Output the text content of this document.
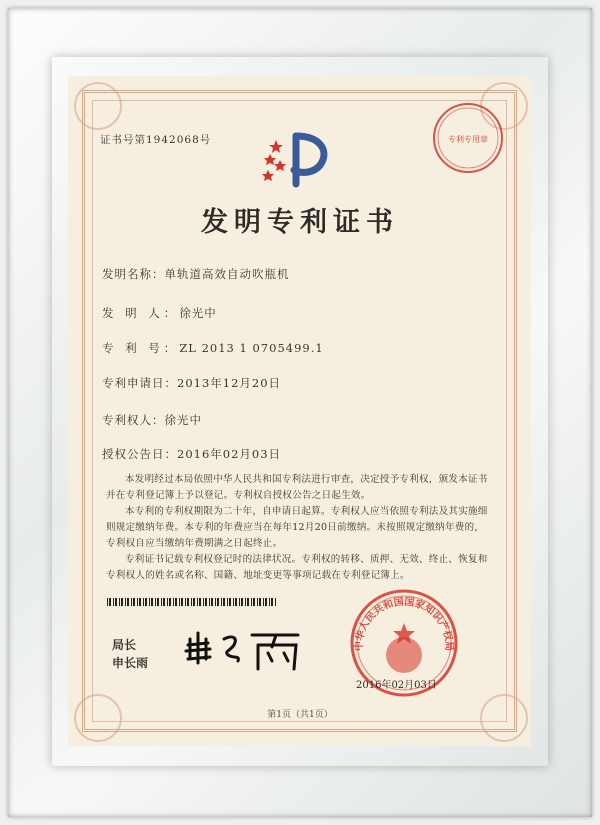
证书号第1942068号	专利专用章
发明专利证书
发明名称：单轨道高效自动吹瓶机
发 明 人：徐光中
专 利 号：ZL 2013 1 0705499.1
专利申请日：2013年12月20日
专利权人：徐光中
授权公告日：2016年02月03日
本发明经过本局依照中华人民共和国专利法进行审查，决定授予专利权，颁发本证书并在专利登记簿上予以登记。专利权自授权公告之日起生效。
本专利的专利权期限为二十年，自申请日起算。专利权人应当依照专利法及其实施细则规定缴纳年费。本专利的年费应当在每年12月20日前缴纳。未按照规定缴纳年费的，专利权自应当缴纳年费期满之日起终止。
专利证书记载专利权登记时的法律状况。专利权的转移、质押、无效、终止、恢复和专利权人的姓名或名称、国籍、地址变更等事项记载在专利登记簿上。
局长
申长雨
中华人民共和国国家知识产权局
2016年02月03日
第1页（共1页）
